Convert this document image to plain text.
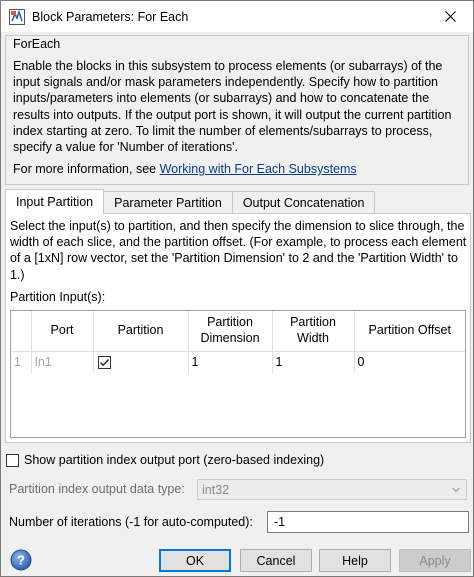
Block Parameters: For Each
ForEach
Enable the blocks in this subsystem to process elements (or subarrays) of the input signals and/or mask parameters independently. Specify how to partition inputs/parameters into elements (or subarrays) and how to concatenate the results into outputs. If the output port is shown, it will output the current partition index starting at zero. To limit the number of elements/subarrays to process, specify a value for 'Number of iterations'.
For more information, see Working with For Each Subsystems
Input Partition	Parameter Partition	Output Concatenation
Select the input(s) to partition, and then specify the dimension to slice through, the width of each slice, and the partition offset. (For example, to process each element of a [1xN] row vector, set the 'Partition Dimension' to 2 and the 'Partition Width' to 1.)
Partition Input(s):
	Port	Partition	Partition Dimension	Partition Width	Partition Offset
1	In1		1	1	0
Show partition index output port (zero-based indexing)
Partition index output data type: int32
Number of iterations (-1 for auto-computed):	-1
?	OK	Cancel	Help	Apply
